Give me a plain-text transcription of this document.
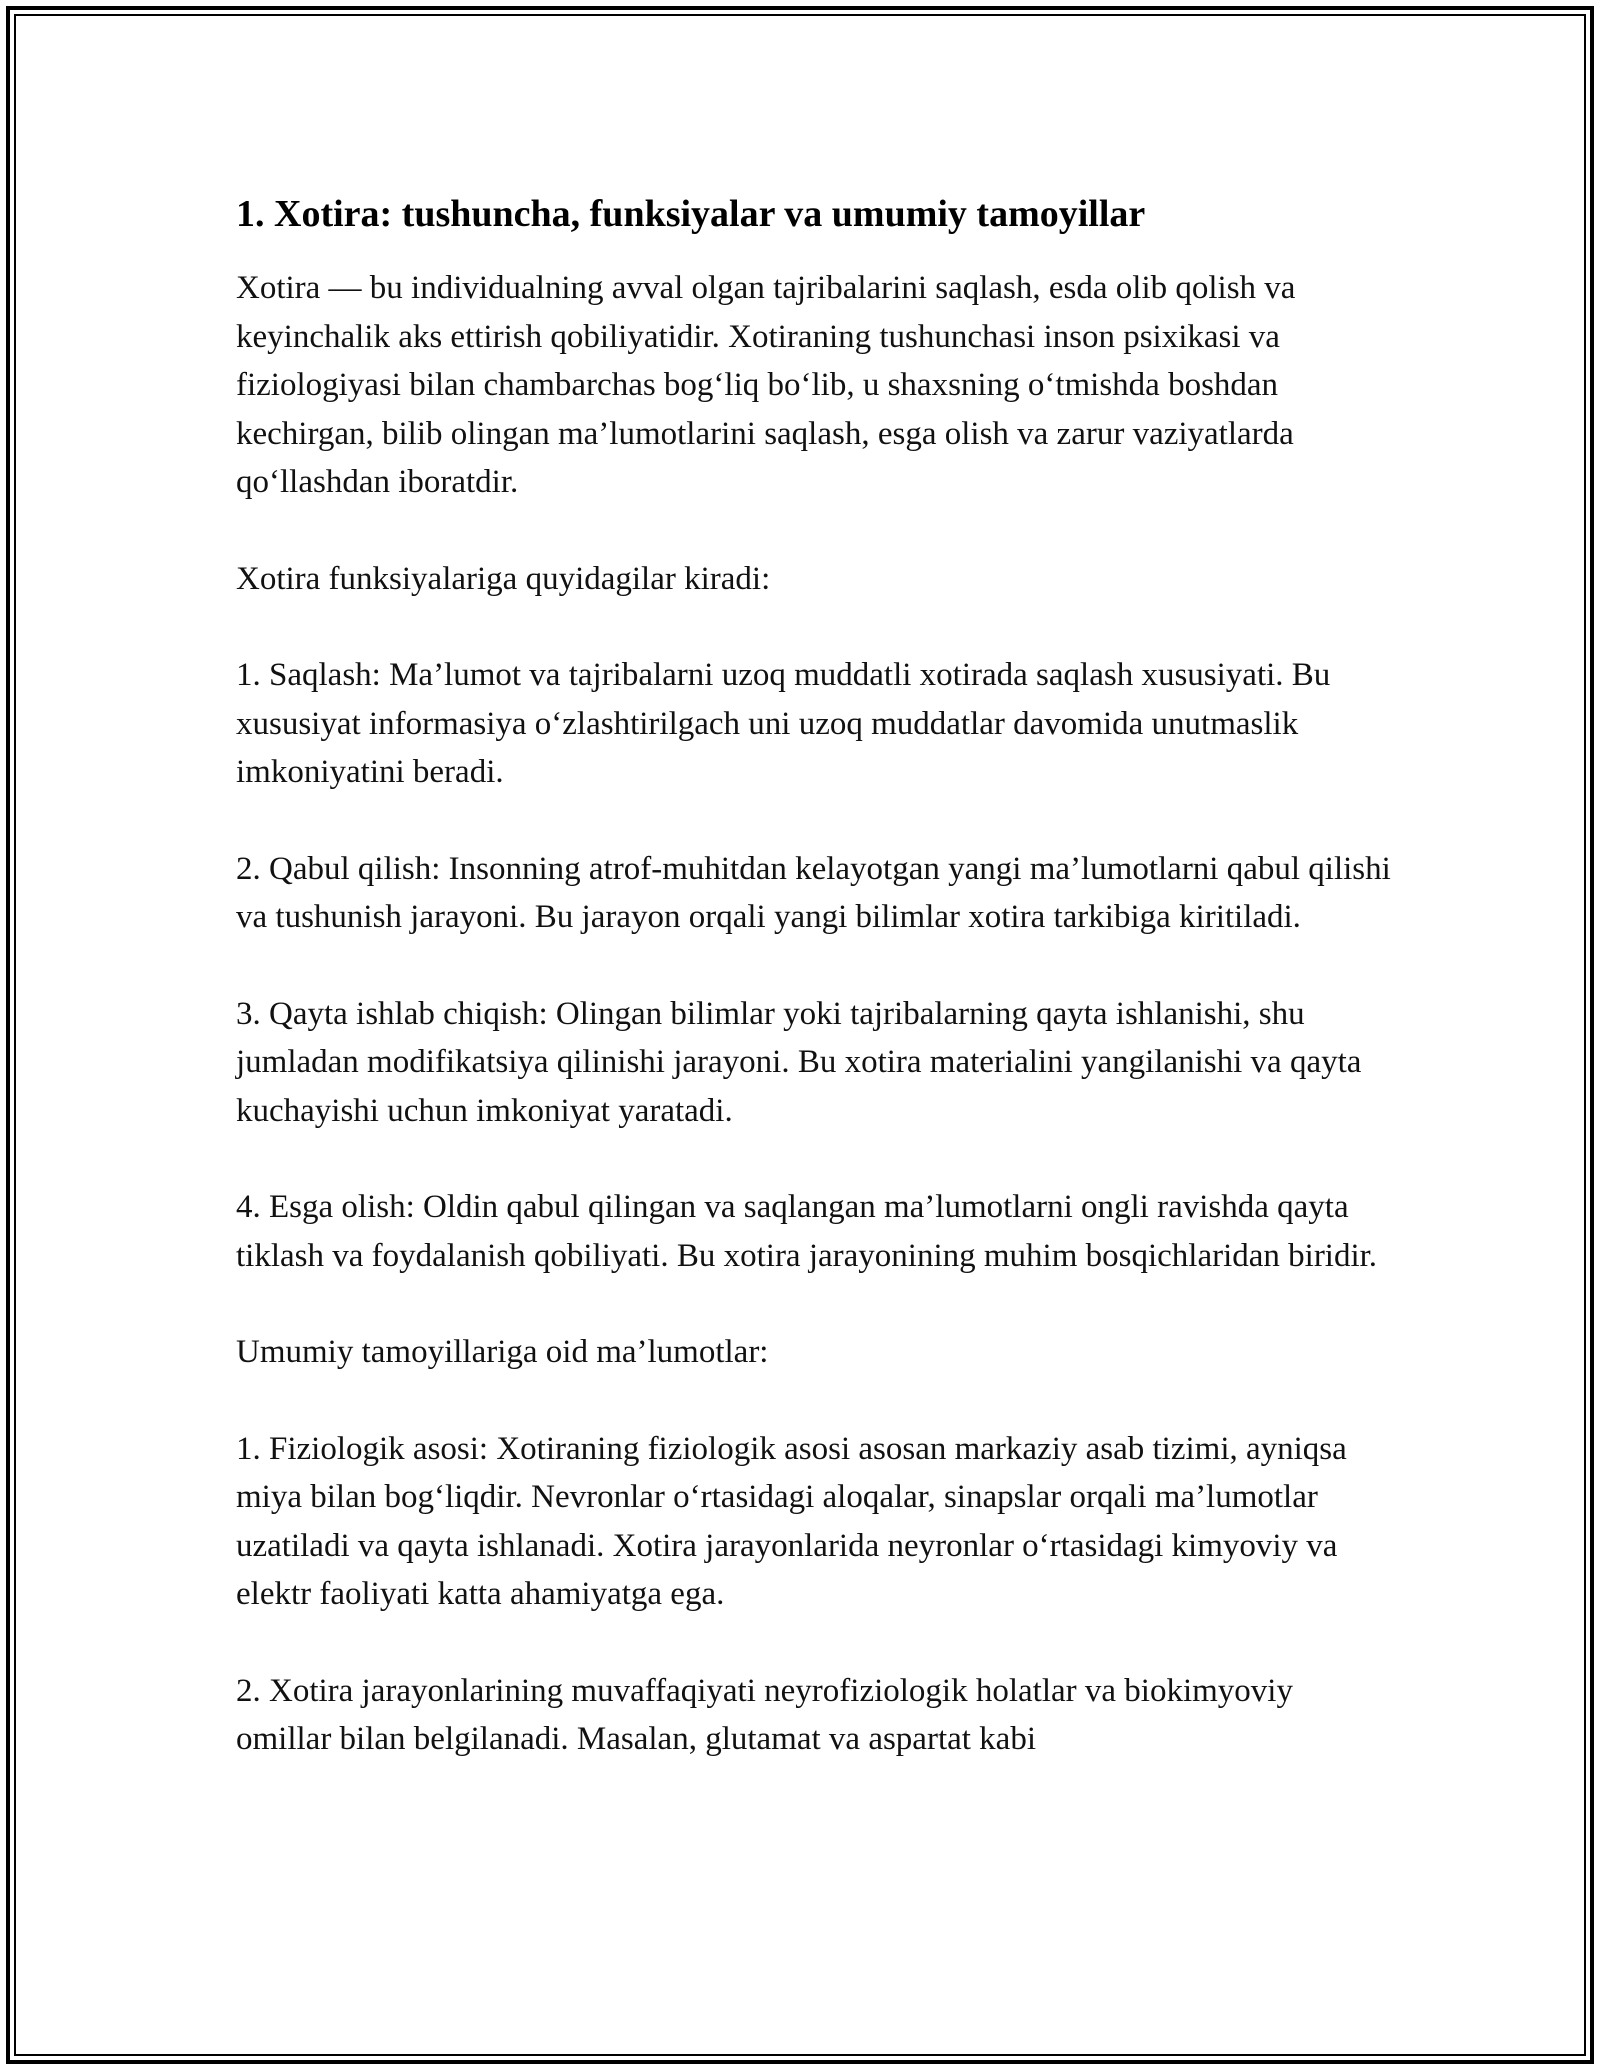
1. Xotira: tushuncha, funksiyalar va umumiy tamoyillar

Xotira — bu individualning avval olgan tajribalarini saqlash, esda olib qolish va keyinchalik aks ettirish qobiliyatidir. Xotiraning tushunchasi inson psixikasi va fiziologiyasi bilan chambarchas bog‘liq bo‘lib, u shaxsning o‘tmishda boshdan kechirgan, bilib olingan ma’lumotlarini saqlash, esga olish va zarur vaziyatlarda qo‘llashdan iboratdir.

Xotira funksiyalariga quyidagilar kiradi:

1. Saqlash: Ma’lumot va tajribalarni uzoq muddatli xotirada saqlash xususiyati. Bu xususiyat informasiya o‘zlashtirilgach uni uzoq muddatlar davomida unutmaslik imkoniyatini beradi.

2. Qabul qilish: Insonning atrof-muhitdan kelayotgan yangi ma’lumotlarni qabul qilishi va tushunish jarayoni. Bu jarayon orqali yangi bilimlar xotira tarkibiga kiritiladi.

3. Qayta ishlab chiqish: Olingan bilimlar yoki tajribalarning qayta ishlanishi, shu jumladan modifikatsiya qilinishi jarayoni. Bu xotira materialini yangilanishi va qayta kuchayishi uchun imkoniyat yaratadi.

4. Esga olish: Oldin qabul qilingan va saqlangan ma’lumotlarni ongli ravishda qayta tiklash va foydalanish qobiliyati. Bu xotira jarayonining muhim bosqichlaridan biridir.

Umumiy tamoyillariga oid ma’lumotlar:

1. Fiziologik asosi: Xotiraning fiziologik asosi asosan markaziy asab tizimi, ayniqsa miya bilan bog‘liqdir. Nevronlar o‘rtasidagi aloqalar, sinapslar orqali ma’lumotlar uzatiladi va qayta ishlanadi. Xotira jarayonlarida neyronlar o‘rtasidagi kimyoviy va elektr faoliyati katta ahamiyatga ega.

2. Xotira jarayonlarining muvaffaqiyati neyrofiziologik holatlar va biokimyoviy omillar bilan belgilanadi. Masalan, glutamat va aspartat kabi
